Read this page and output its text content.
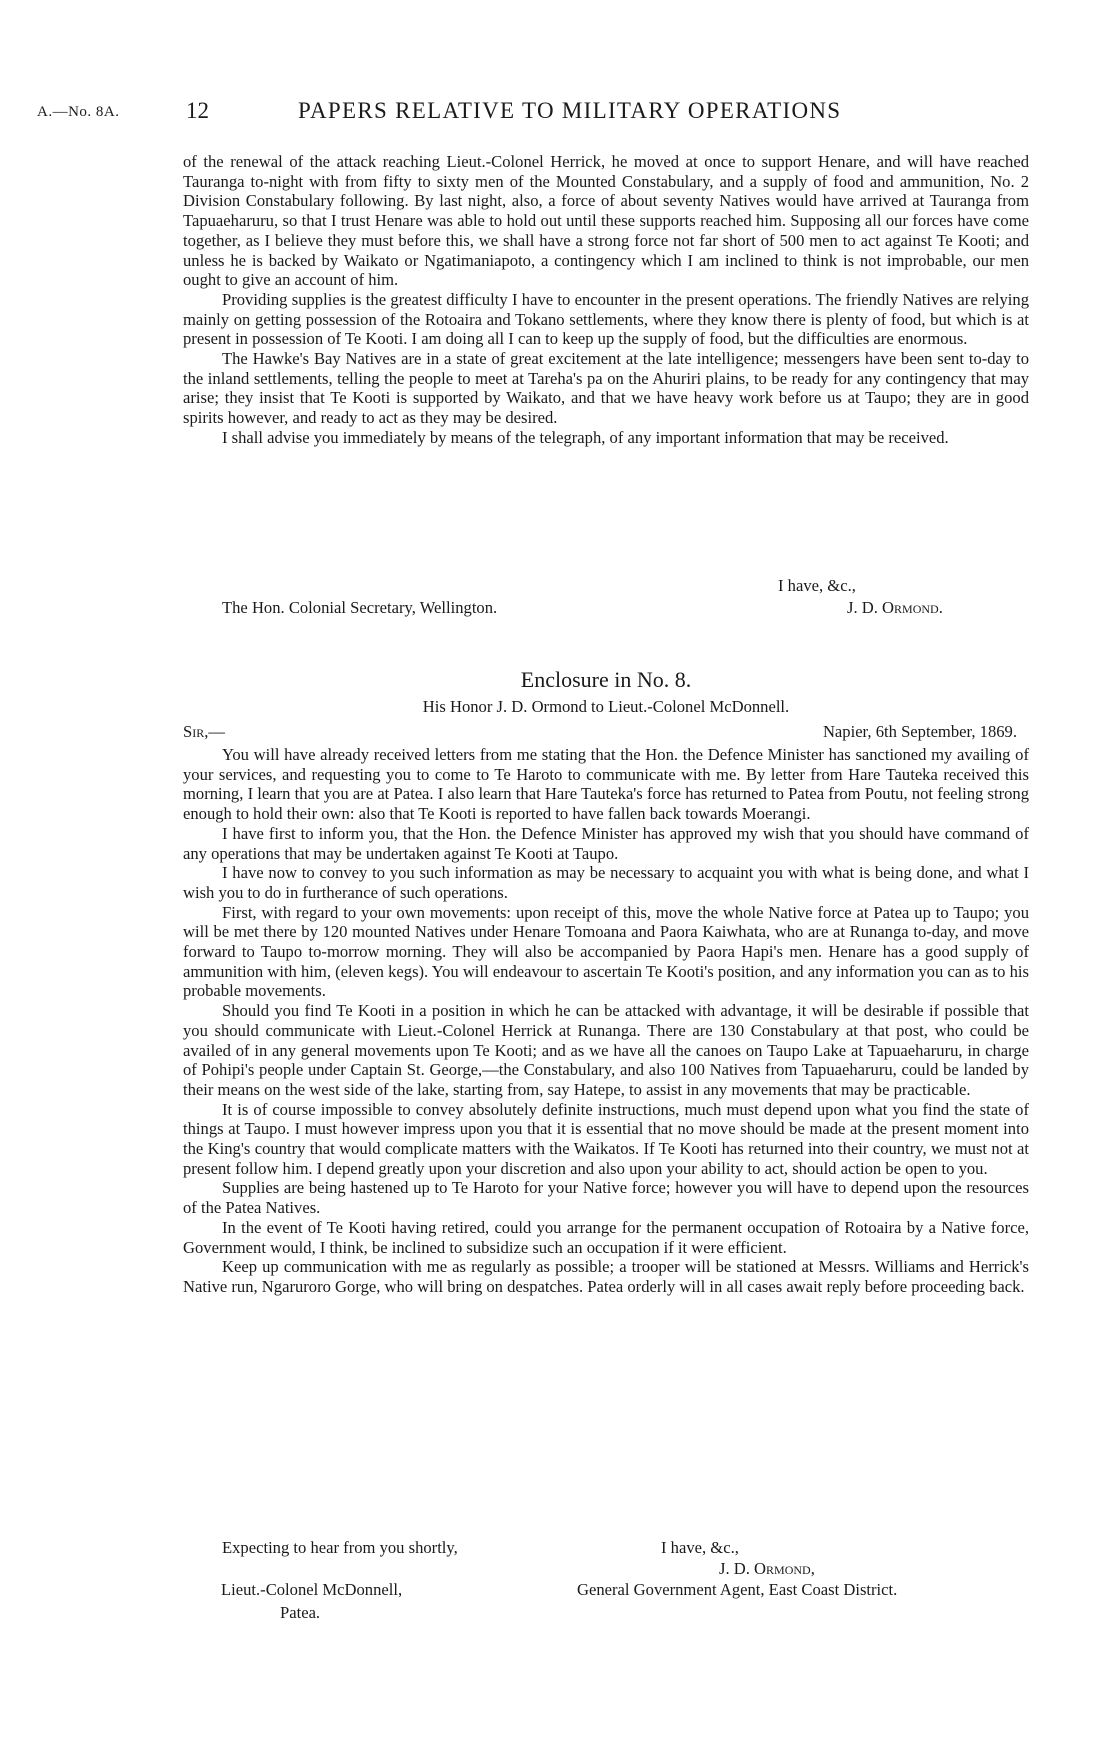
A.—No. 8A.	12	PAPERS RELATIVE TO MILITARY OPERATIONS

of the renewal of the attack reaching Lieut.-Colonel Herrick, he moved at once to support Henare, and will have reached Tauranga to-night with from fifty to sixty men of the Mounted Constabulary, and a supply of food and ammunition, No. 2 Division Constabulary following. By last night, also, a force of about seventy Natives would have arrived at Tauranga from Tapuaeharuru, so that I trust Henare was able to hold out until these supports reached him. Supposing all our forces have come together, as I believe they must before this, we shall have a strong force not far short of 500 men to act against Te Kooti; and unless he is backed by Waikato or Ngatimaniapoto, a contingency which I am inclined to think is not improbable, our men ought to give an account of him.

Providing supplies is the greatest difficulty I have to encounter in the present operations. The friendly Natives are relying mainly on getting possession of the Rotoaira and Tokano settlements, where they know there is plenty of food, but which is at present in possession of Te Kooti. I am doing all I can to keep up the supply of food, but the difficulties are enormous.

The Hawke's Bay Natives are in a state of great excitement at the late intelligence; messengers have been sent to-day to the inland settlements, telling the people to meet at Tareha's pa on the Ahuriri plains, to be ready for any contingency that may arise; they insist that Te Kooti is supported by Waikato, and that we have heavy work before us at Taupo; they are in good spirits however, and ready to act as they may be desired.

I shall advise you immediately by means of the telegraph, of any important information that may be received.

I have, &c.,
The Hon. Colonial Secretary, Wellington.	J. D. Ormond.
Enclosure in No. 8.
His Honor J. D. Ormond to Lieut.-Colonel McDonnell.
Sir,—	Napier, 6th September, 1869.

You will have already received letters from me stating that the Hon. the Defence Minister has sanctioned my availing of your services, and requesting you to come to Te Haroto to communicate with me. By letter from Hare Tauteka received this morning, I learn that you are at Patea. I also learn that Hare Tauteka's force has returned to Patea from Poutu, not feeling strong enough to hold their own: also that Te Kooti is reported to have fallen back towards Moerangi.

I have first to inform you, that the Hon. the Defence Minister has approved my wish that you should have command of any operations that may be undertaken against Te Kooti at Taupo.

I have now to convey to you such information as may be necessary to acquaint you with what is being done, and what I wish you to do in furtherance of such operations.

First, with regard to your own movements: upon receipt of this, move the whole Native force at Patea up to Taupo; you will be met there by 120 mounted Natives under Henare Tomoana and Paora Kaiwhata, who are at Runanga to-day, and move forward to Taupo to-morrow morning. They will also be accompanied by Paora Hapi's men. Henare has a good supply of ammunition with him, (eleven kegs). You will endeavour to ascertain Te Kooti's position, and any information you can as to his probable movements.

Should you find Te Kooti in a position in which he can be attacked with advantage, it will be desirable if possible that you should communicate with Lieut.-Colonel Herrick at Runanga. There are 130 Constabulary at that post, who could be availed of in any general movements upon Te Kooti; and as we have all the canoes on Taupo Lake at Tapuaeharuru, in charge of Pohipi's people under Captain St. George,—the Constabulary, and also 100 Natives from Tapuaeharuru, could be landed by their means on the west side of the lake, starting from, say Hatepe, to assist in any movements that may be practicable.

It is of course impossible to convey absolutely definite instructions, much must depend upon what you find the state of things at Taupo. I must however impress upon you that it is essential that no move should be made at the present moment into the King's country that would complicate matters with the Waikatos. If Te Kooti has returned into their country, we must not at present follow him. I depend greatly upon your discretion and also upon your ability to act, should action be open to you.

Supplies are being hastened up to Te Haroto for your Native force; however you will have to depend upon the resources of the Patea Natives.

In the event of Te Kooti having retired, could you arrange for the permanent occupation of Rotoaira by a Native force, Government would, I think, be inclined to subsidize such an occupation if it were efficient.

Keep up communication with me as regularly as possible; a trooper will be stationed at Messrs. Williams and Herrick's Native run, Ngaruroro Gorge, who will bring on despatches. Patea orderly will in all cases await reply before proceeding back.

Expecting to hear from you shortly,	I have, &c.,
J. D. Ormond,
Lieut.-Colonel McDonnell,	General Government Agent, East Coast District.
Patea.
